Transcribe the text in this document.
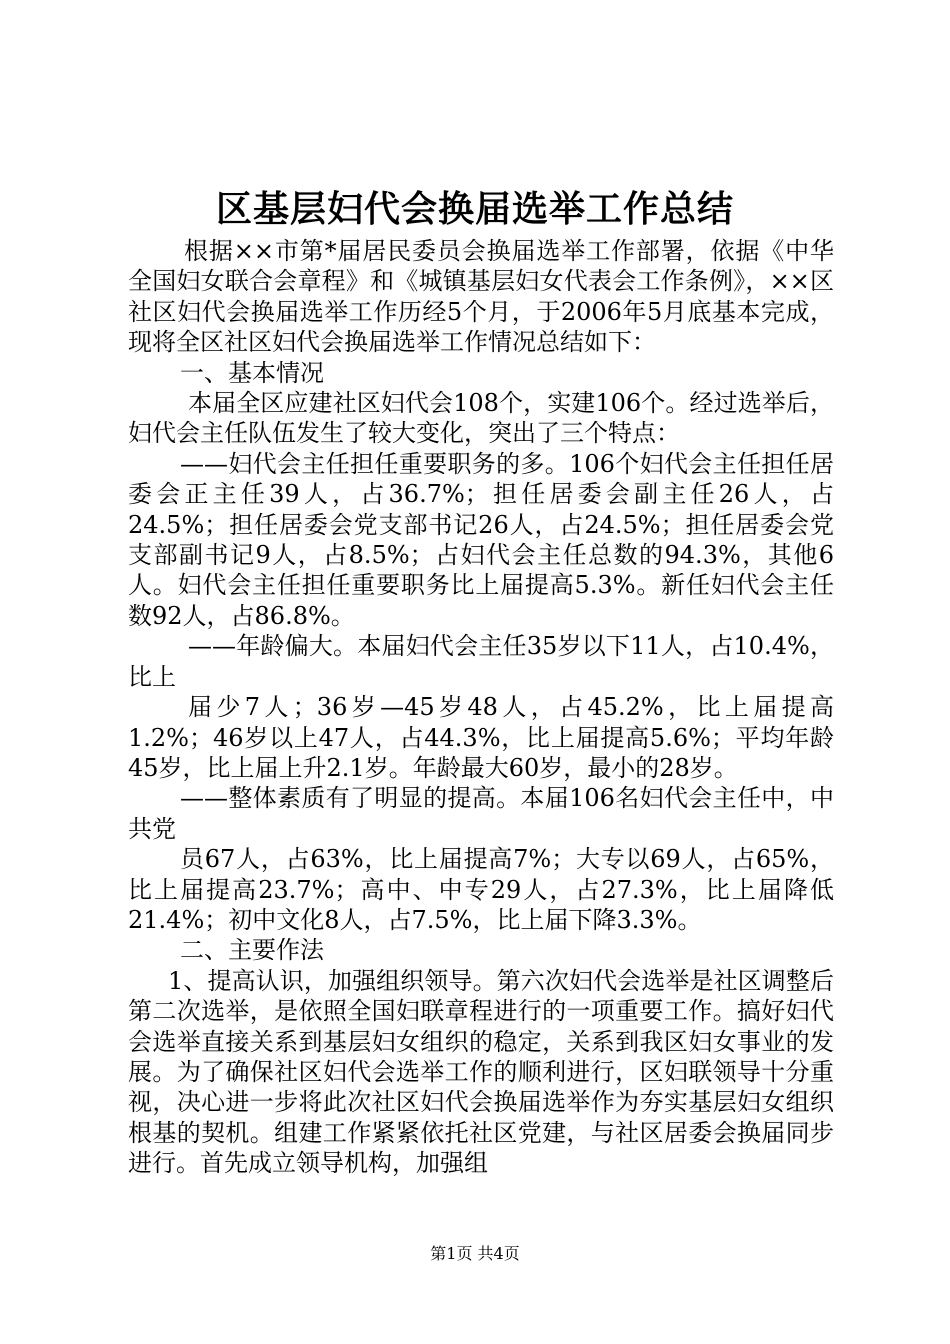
区基层妇代会换届选举工作总结

根据××市第*届居民委员会换届选举工作部署，依据《中华全国妇女联合会章程》和《城镇基层妇女代表会工作条例》，××区社区妇代会换届选举工作历经5个月，于2006年5月底基本完成，现将全区社区妇代会换届选举工作情况总结如下：

一、基本情况

本届全区应建社区妇代会108个，实建106个。经过选举后，妇代会主任队伍发生了较大变化，突出了三个特点：

——妇代会主任担任重要职务的多。106个妇代会主任担任居委会正主任39人，占36.7%；担任居委会副主任26人，占24.5%；担任居委会党支部书记26人，占24.5%；担任居委会党支部副书记9人，占8.5%；占妇代会主任总数的94.3%，其他6人。妇代会主任担任重要职务比上届提高5.3%。新任妇代会主任数92人，占86.8%。

——年龄偏大。本届妇代会主任35岁以下11人，占10.4%，比上

届少7人；36岁—45岁48人，占45.2%，比上届提高1.2%；46岁以上47人，占44.3%，比上届提高5.6%；平均年龄45岁，比上届上升2.1岁。年龄最大60岁，最小的28岁。

——整体素质有了明显的提高。本届106名妇代会主任中，中共党

员67人，占63%，比上届提高7%；大专以69人，占65%，比上届提高23.7%；高中、中专29人，占27.3%，比上届降低21.4%；初中文化8人，占7.5%，比上届下降3.3%。

二、主要作法

1、提高认识，加强组织领导。第六次妇代会选举是社区调整后第二次选举，是依照全国妇联章程进行的一项重要工作。搞好妇代会选举直接关系到基层妇女组织的稳定，关系到我区妇女事业的发展。为了确保社区妇代会选举工作的顺利进行，区妇联领导十分重视，决心进一步将此次社区妇代会换届选举作为夯实基层妇女组织根基的契机。组建工作紧紧依托社区党建，与社区居委会换届同步进行。首先成立领导机构，加强组

第1页 共4页
